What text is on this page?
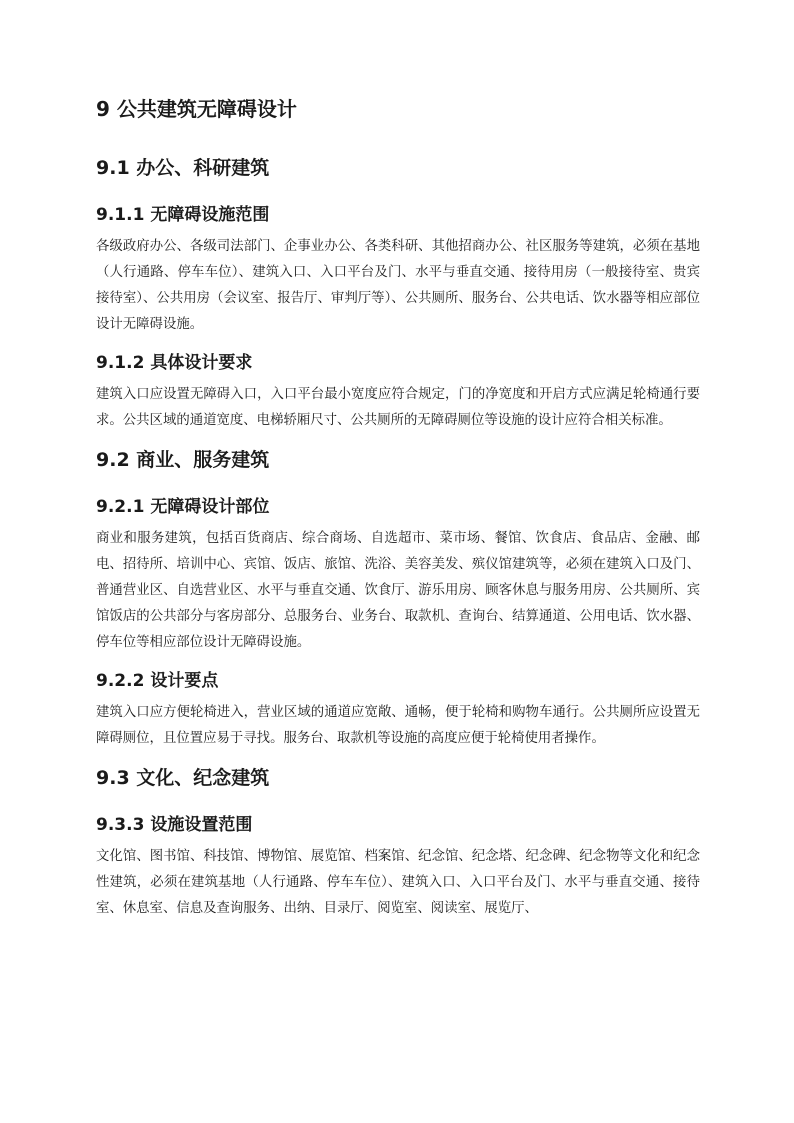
9 公共建筑无障碍设计
9.1 办公、科研建筑
9.1.1 无障碍设施范围

各级政府办公、各级司法部门、企事业办公、各类科研、其他招商办公、社区服务等建筑，必须在基地（人行通路、停车车位）、建筑入口、入口平台及门、水平与垂直交通、接待用房（一般接待室、贵宾接待室）、公共用房（会议室、报告厅、审判厅等）、公共厕所、服务台、公共电话、饮水器等相应部位设计无障碍设施。

9.1.2 具体设计要求

建筑入口应设置无障碍入口，入口平台最小宽度应符合规定，门的净宽度和开启方式应满足轮椅通行要求。公共区域的通道宽度、电梯轿厢尺寸、公共厕所的无障碍厕位等设施的设计应符合相关标准。

9.2 商业、服务建筑
9.2.1 无障碍设计部位

商业和服务建筑，包括百货商店、综合商场、自选超市、菜市场、餐馆、饮食店、食品店、金融、邮电、招待所、培训中心、宾馆、饭店、旅馆、洗浴、美容美发、殡仪馆建筑等，必须在建筑入口及门、普通营业区、自选营业区、水平与垂直交通、饮食厅、游乐用房、顾客休息与服务用房、公共厕所、宾馆饭店的公共部分与客房部分、总服务台、业务台、取款机、查询台、结算通道、公用电话、饮水器、停车位等相应部位设计无障碍设施。

9.2.2 设计要点

建筑入口应方便轮椅进入，营业区域的通道应宽敞、通畅，便于轮椅和购物车通行。公共厕所应设置无障碍厕位，且位置应易于寻找。服务台、取款机等设施的高度应便于轮椅使用者操作。

9.3 文化、纪念建筑
9.3.3 设施设置范围

文化馆、图书馆、科技馆、博物馆、展览馆、档案馆、纪念馆、纪念塔、纪念碑、纪念物等文化和纪念性建筑，必须在建筑基地（人行通路、停车车位）、建筑入口、入口平台及门、水平与垂直交通、接待室、休息室、信息及查询服务、出纳、目录厅、阅览室、阅读室、展览厅、
